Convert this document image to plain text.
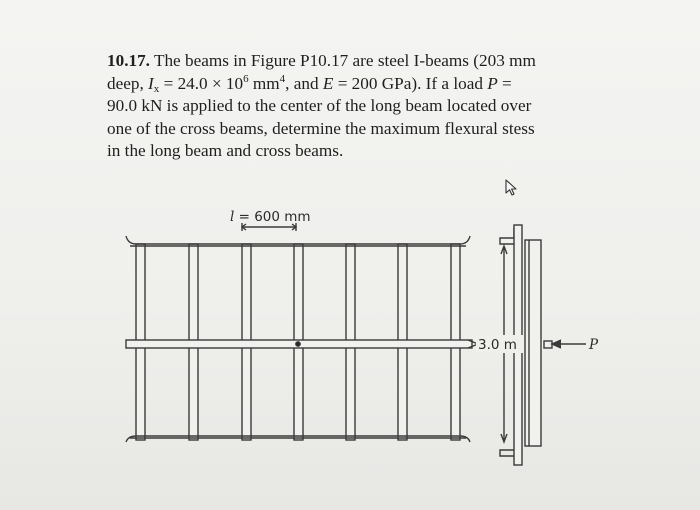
10.17. The beams in Figure P10.17 are steel I-beams (203 mm
deep, $I_x = 24.0 \times 10^6$ $mm^4$, and E = 200 GPa). If a load P =
90.0 kN is applied to the center of the long beam located over
one of the cross beams, determine the maximum flexural stess
in the long beam and cross beams.
3.0 m
l = 600 mm
P
